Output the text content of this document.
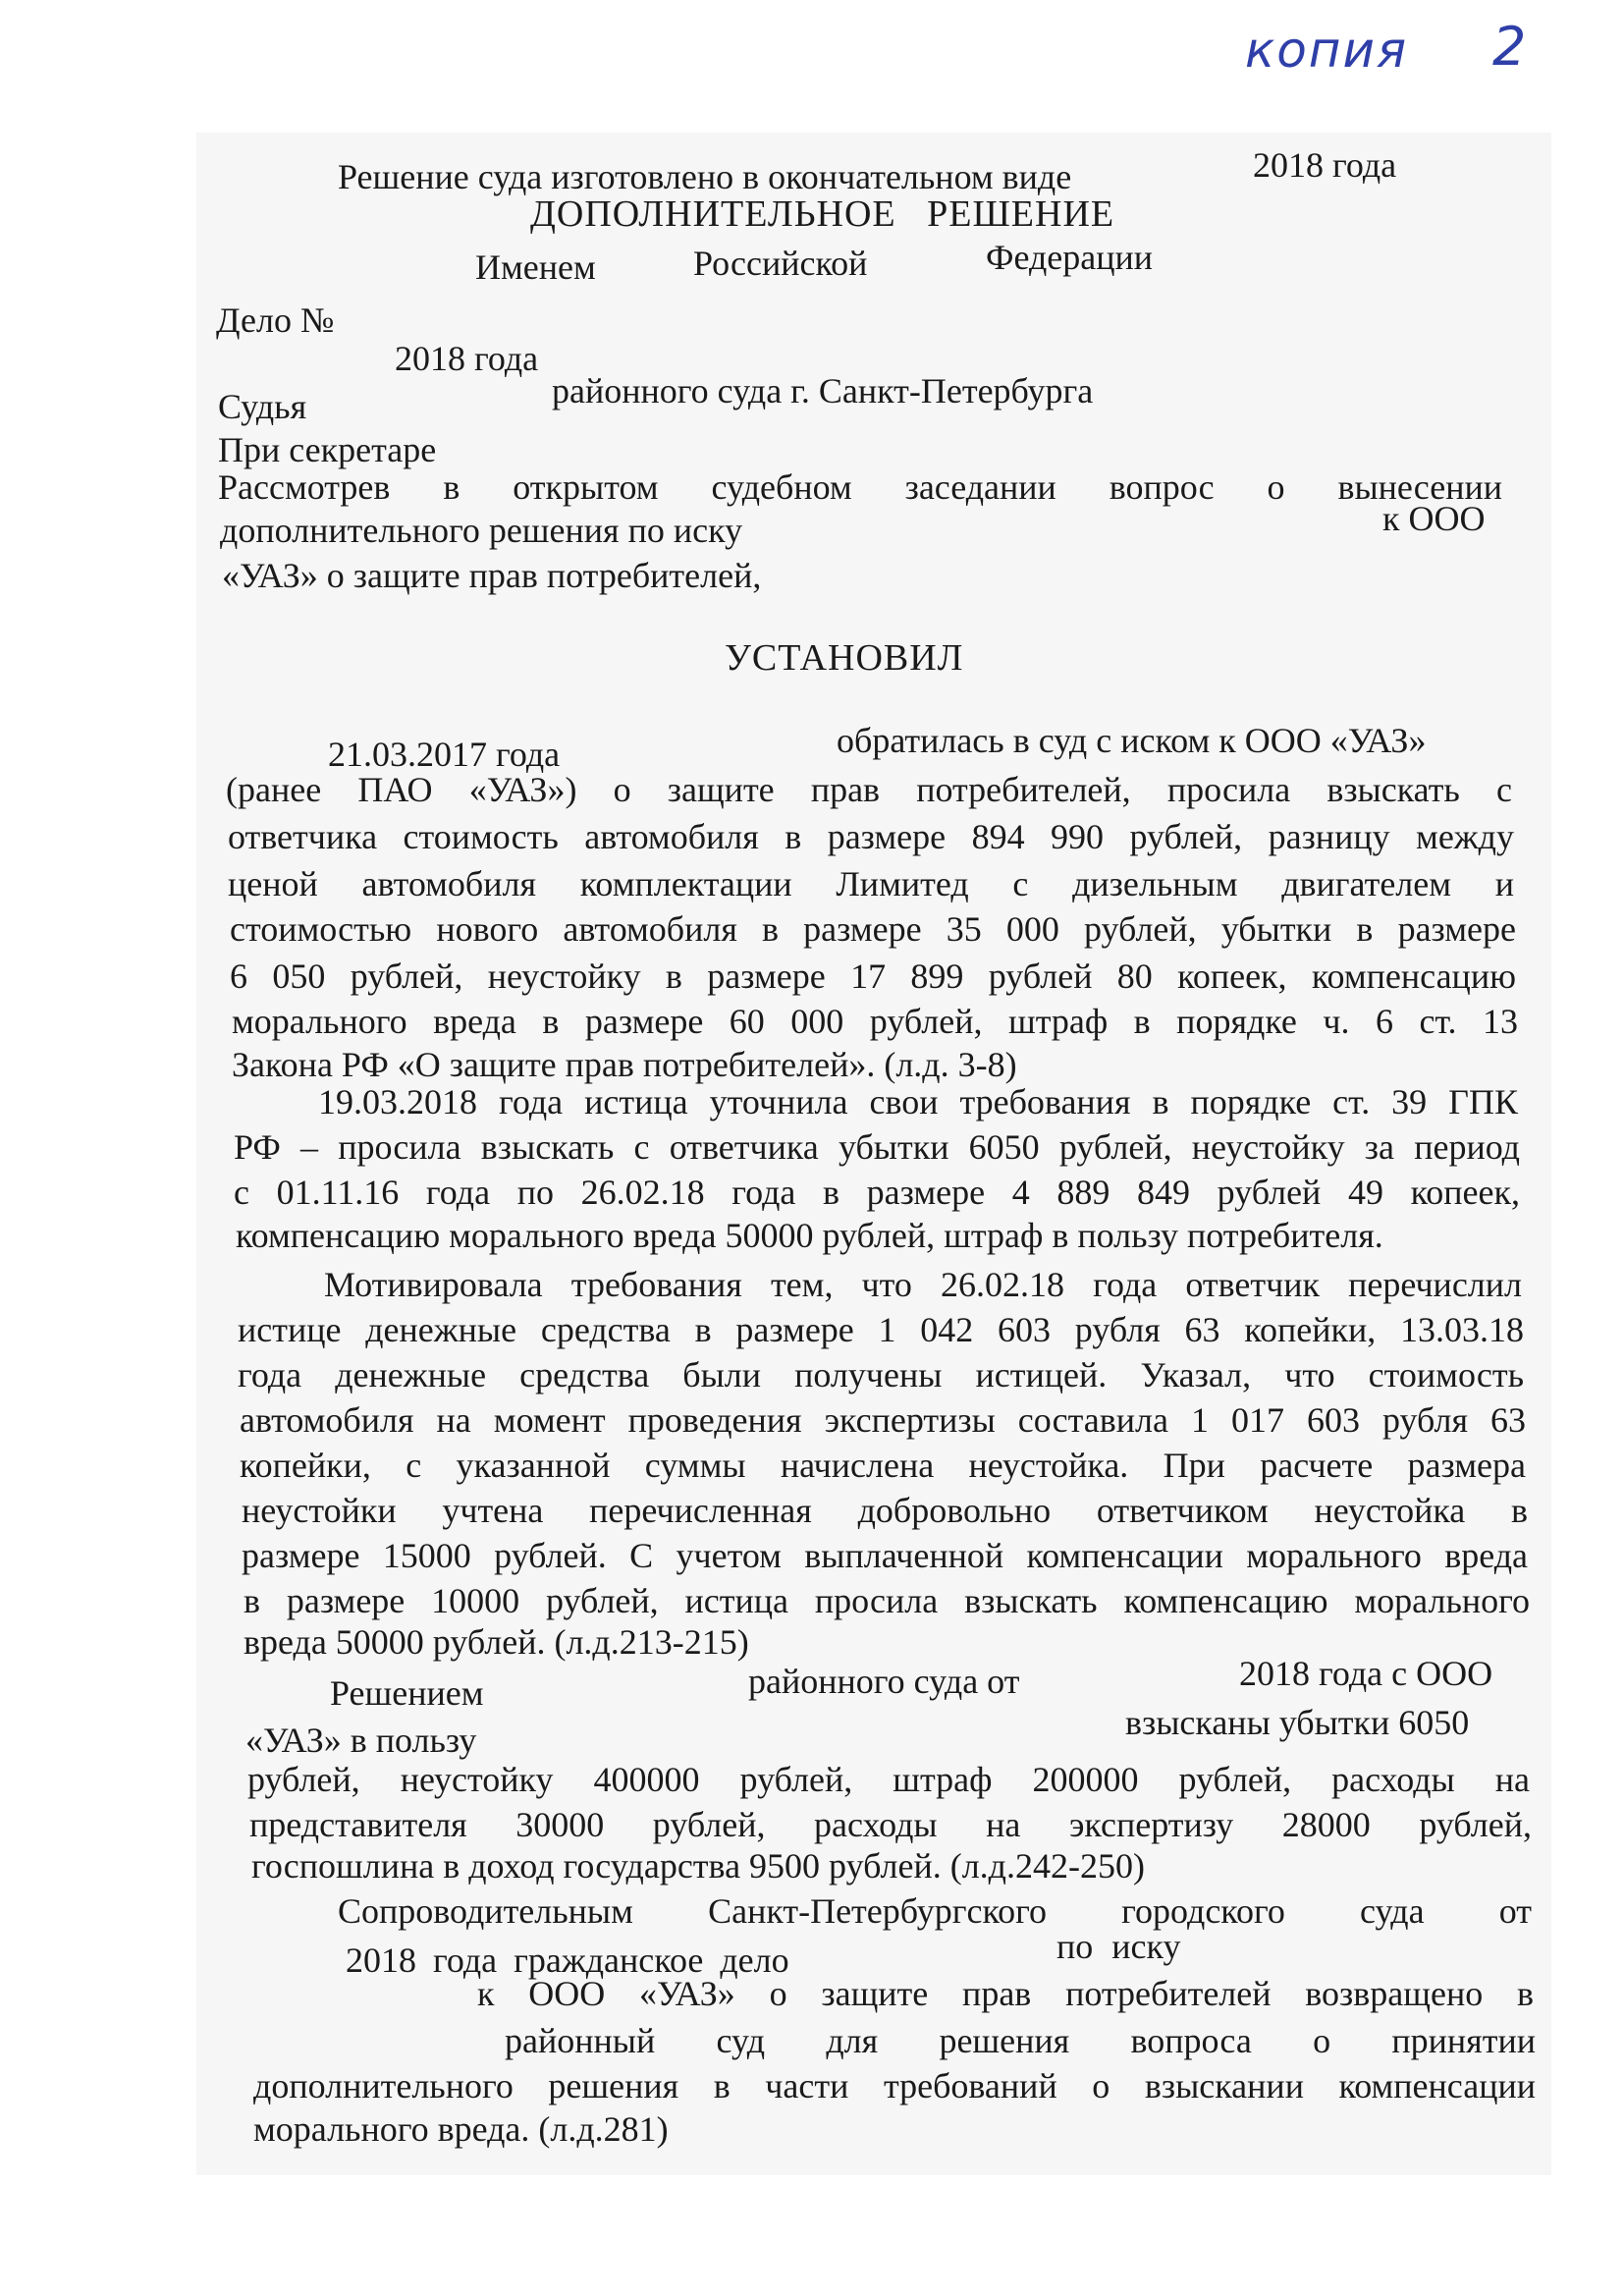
копия 2
Решение суда изготовлено в окончательном виде	2018 года
ДОПОЛНИТЕЛЬНОЕ   РЕШЕНИЕ
Именем	Российской	Федерации
Дело №
2018 года
Судья	районного суда г. Санкт-Петербурга
При секретаре
Рассмотрев в открытом судебном заседании вопрос о вынесении
дополнительного решения по иску	к ООО
«УАЗ» о защите прав потребителей,
УСТАНОВИЛ
21.03.2017 года	обратилась в суд с иском к ООО «УАЗ»
(ранее ПАО «УАЗ») о защите прав потребителей, просила взыскать с
ответчика стоимость автомобиля в размере 894 990 рублей, разницу между
ценой автомобиля комплектации Лимитед с дизельным двигателем и
стоимостью нового автомобиля в размере 35 000 рублей, убытки в размере
6 050 рублей, неустойку в размере 17 899 рублей 80 копеек, компенсацию
морального вреда в размере 60 000 рублей, штраф в порядке ч. 6 ст. 13
Закона РФ «О защите прав потребителей». (л.д. 3-8)
19.03.2018 года истица уточнила свои требования в порядке ст. 39 ГПК
РФ – просила взыскать с ответчика убытки 6050 рублей, неустойку за период
с 01.11.16 года по 26.02.18 года в размере 4 889 849 рублей 49 копеек,
компенсацию морального вреда 50000 рублей, штраф в пользу потребителя.
Мотивировала требования тем, что 26.02.18 года ответчик перечислил
истице денежные средства в размере 1 042 603 рубля 63 копейки, 13.03.18
года денежные средства были получены истицей. Указал, что стоимость
автомобиля на момент проведения экспертизы составила 1 017 603 рубля 63
копейки, с указанной суммы начислена неустойка. При расчете размера
неустойки учтена перечисленная добровольно ответчиком неустойка в
размере 15000 рублей. С учетом выплаченной компенсации морального вреда
в размере 10000 рублей, истица просила взыскать компенсацию морального
вреда 50000 рублей. (л.д.213-215)
Решением	районного суда от	2018 года с ООО
«УАЗ» в пользу	взысканы убытки 6050
рублей, неустойку 400000 рублей, штраф 200000 рублей, расходы на
представителя 30000 рублей, расходы на экспертизу 28000 рублей,
госпошлина в доход государства 9500 рублей. (л.д.242-250)
Сопроводительным Санкт-Петербургского городского суда от
2018 года гражданское дело	по иску
к ООО «УАЗ» о защите прав потребителей возвращено в
районный суд для решения вопроса о принятии
дополнительного решения в части требований о взыскании компенсации
морального вреда. (л.д.281)
